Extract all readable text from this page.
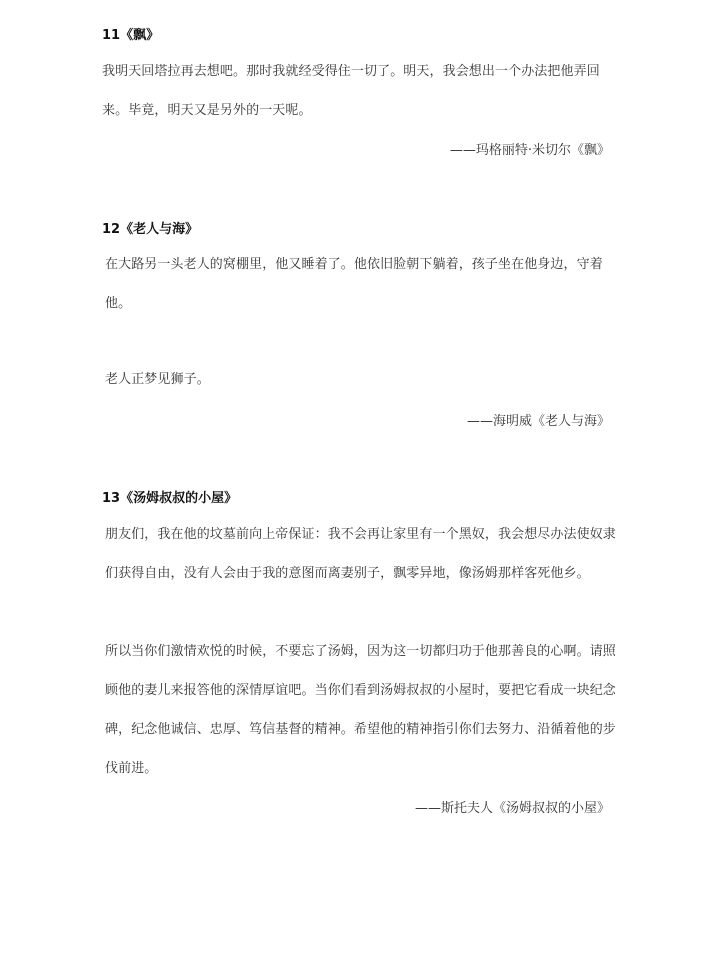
11《飘》
我明天回塔拉再去想吧。那时我就经受得住一切了。明天，我会想出一个办法把他弄回来。毕竟，明天又是另外的一天呢。
——玛格丽特·米切尔《飘》
12《老人与海》
在大路另一头老人的窝棚里，他又睡着了。他依旧脸朝下躺着，孩子坐在他身边，守着他。
老人正梦见狮子。
——海明威《老人与海》
13《汤姆叔叔的小屋》
朋友们，我在他的坟墓前向上帝保证：我不会再让家里有一个黑奴，我会想尽办法使奴隶们获得自由，没有人会由于我的意图而离妻别子，飘零异地，像汤姆那样客死他乡。
所以当你们激情欢悦的时候，不要忘了汤姆，因为这一切都归功于他那善良的心啊。请照顾他的妻儿来报答他的深情厚谊吧。当你们看到汤姆叔叔的小屋时，要把它看成一块纪念碑，纪念他诚信、忠厚、笃信基督的精神。希望他的精神指引你们去努力、沿循着他的步伐前进。
——斯托夫人《汤姆叔叔的小屋》
